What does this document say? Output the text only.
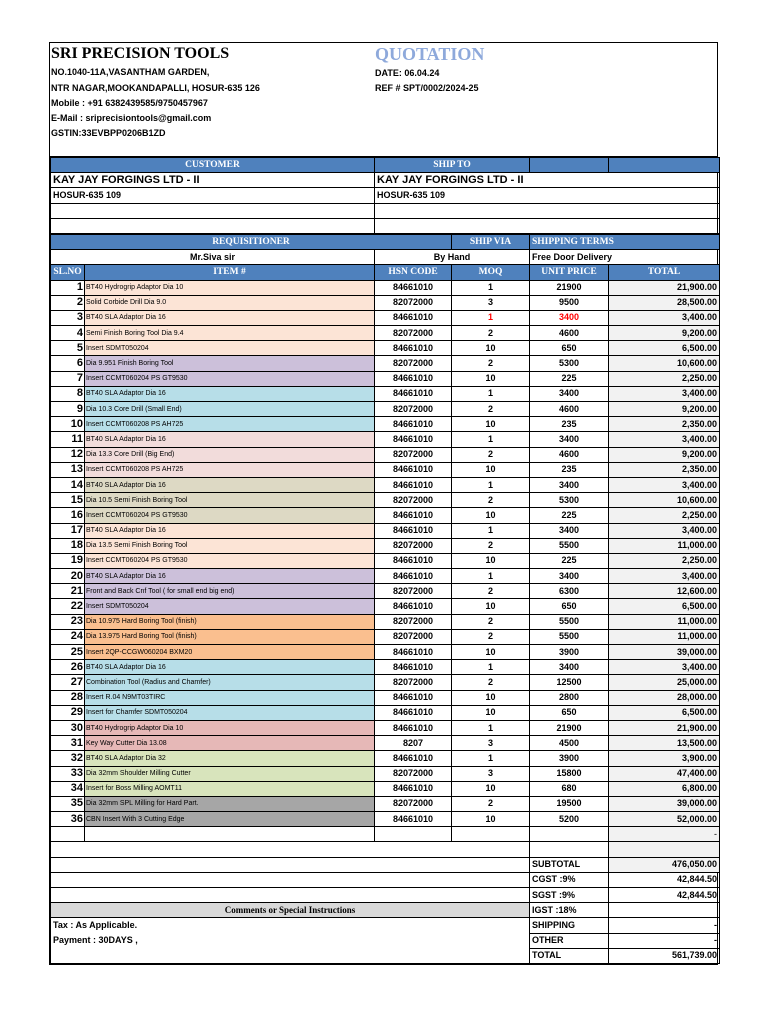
SRI PRECISION TOOLS
NO.1040-11A,VASANTHAM GARDEN,
NTR NAGAR,MOOKANDAPALLI, HOSUR-635 126
Mobile : +91 6382439585/9750457967
E-Mail : sriprecisiontools@gmail.com
GSTIN:33EVBPP0206B1ZD
QUOTATION
DATE: 06.04.24
REF # SPT/0002/2024-25
CUSTOMER	SHIP TO		
KAY JAY FORGINGS LTD - II	KAY JAY FORGINGS LTD - II		
HOSUR-635 109	HOSUR-635 109		

REQUISITIONER			SHIP VIA	SHIPPING TERMS
Mr.Siva sir		By Hand		Free Door Delivery	
SL.NO	ITEM #	HSN CODE	MOQ	UNIT PRICE	TOTAL
1	BT40 Hydrogrip Adaptor Dia 10	84661010	1	21900	21,900.00
2	Solid Corbide Drill Dia 9.0	82072000	3	9500	28,500.00
3	BT40 SLA Adaptor Dia 16	84661010	1	3400	3,400.00
4	Semi Finish Boring Tool Dia 9.4	82072000	2	4600	9,200.00
5	Insert SDMT050204	84661010	10	650	6,500.00
6	Dia 9.951 Finish Boring Tool	82072000	2	5300	10,600.00
7	Insert CCMT060204 PS GT9530	84661010	10	225	2,250.00
8	BT40 SLA Adaptor Dia 16	84661010	1	3400	3,400.00
9	Dia 10.3 Core Drill (Small End)	82072000	2	4600	9,200.00
10	Insert CCMT060208 PS AH725	84661010	10	235	2,350.00
11	BT40 SLA Adaptor Dia 16	84661010	1	3400	3,400.00
12	Dia 13.3 Core Drill (Big End)	82072000	2	4600	9,200.00
13	Insert CCMT060208 PS AH725	84661010	10	235	2,350.00
14	BT40 SLA Adaptor Dia 16	84661010	1	3400	3,400.00
15	Dia 10.5 Semi Finish Boring Tool	82072000	2	5300	10,600.00
16	Insert CCMT060204 PS GT9530	84661010	10	225	2,250.00
17	BT40 SLA Adaptor Dia 16	84661010	1	3400	3,400.00
18	Dia 13.5 Semi Finish Boring Tool	82072000	2	5500	11,000.00
19	Insert CCMT060204 PS GT9530	84661010	10	225	2,250.00
20	BT40 SLA Adaptor Dia 16	84661010	1	3400	3,400.00
21	Front and Back Cnf Tool ( for small end big end)	82072000	2	6300	12,600.00
22	Insert SDMT050204	84661010	10	650	6,500.00
23	Dia 10.975 Hard Boring Tool (finish)	82072000	2	5500	11,000.00
24	Dia 13.975 Hard Boring Tool (finish)	82072000	2	5500	11,000.00
25	Insert 2QP-CCGW060204 BXM20	84661010	10	3900	39,000.00
26	BT40 SLA Adaptor Dia 16	84661010	1	3400	3,400.00
27	Combination Tool (Radius and Chamfer)	82072000	2	12500	25,000.00
28	Insert R.04 N9MT03TIRC	84661010	10	2800	28,000.00
29	Insert for Chamfer SDMT050204	84661010	10	650	6,500.00
30	BT40 Hydrogrip Adaptor Dia 10	84661010	1	21900	21,900.00
31	Key Way Cutter Dia 13.08	8207	3	4500	13,500.00
32	BT40 SLA Adaptor Dia 32	84661010	1	3900	3,900.00
33	Dia 32mm Shoulder Milling Cutter	82072000	3	15800	47,400.00
34	Insert for Boss Milling AOMT11	84661010	10	680	6,800.00
35	Dia 32mm SPL Milling for Hard Part.	82072000	2	19500	39,000.00
36	CBN Insert With 3 Cutting Edge	84661010	10	5200	52,000.00
					-

				SUBTOTAL	476,050.00
				CGST :9%	42,844.50
				SGST :9%	42,844.50
Comments or Special Instructions				IGST :18%	
Tax : As Applicable.				SHIPPING	-
Payment : 30DAYS ,				OTHER	-
				TOTAL	561,739.00
